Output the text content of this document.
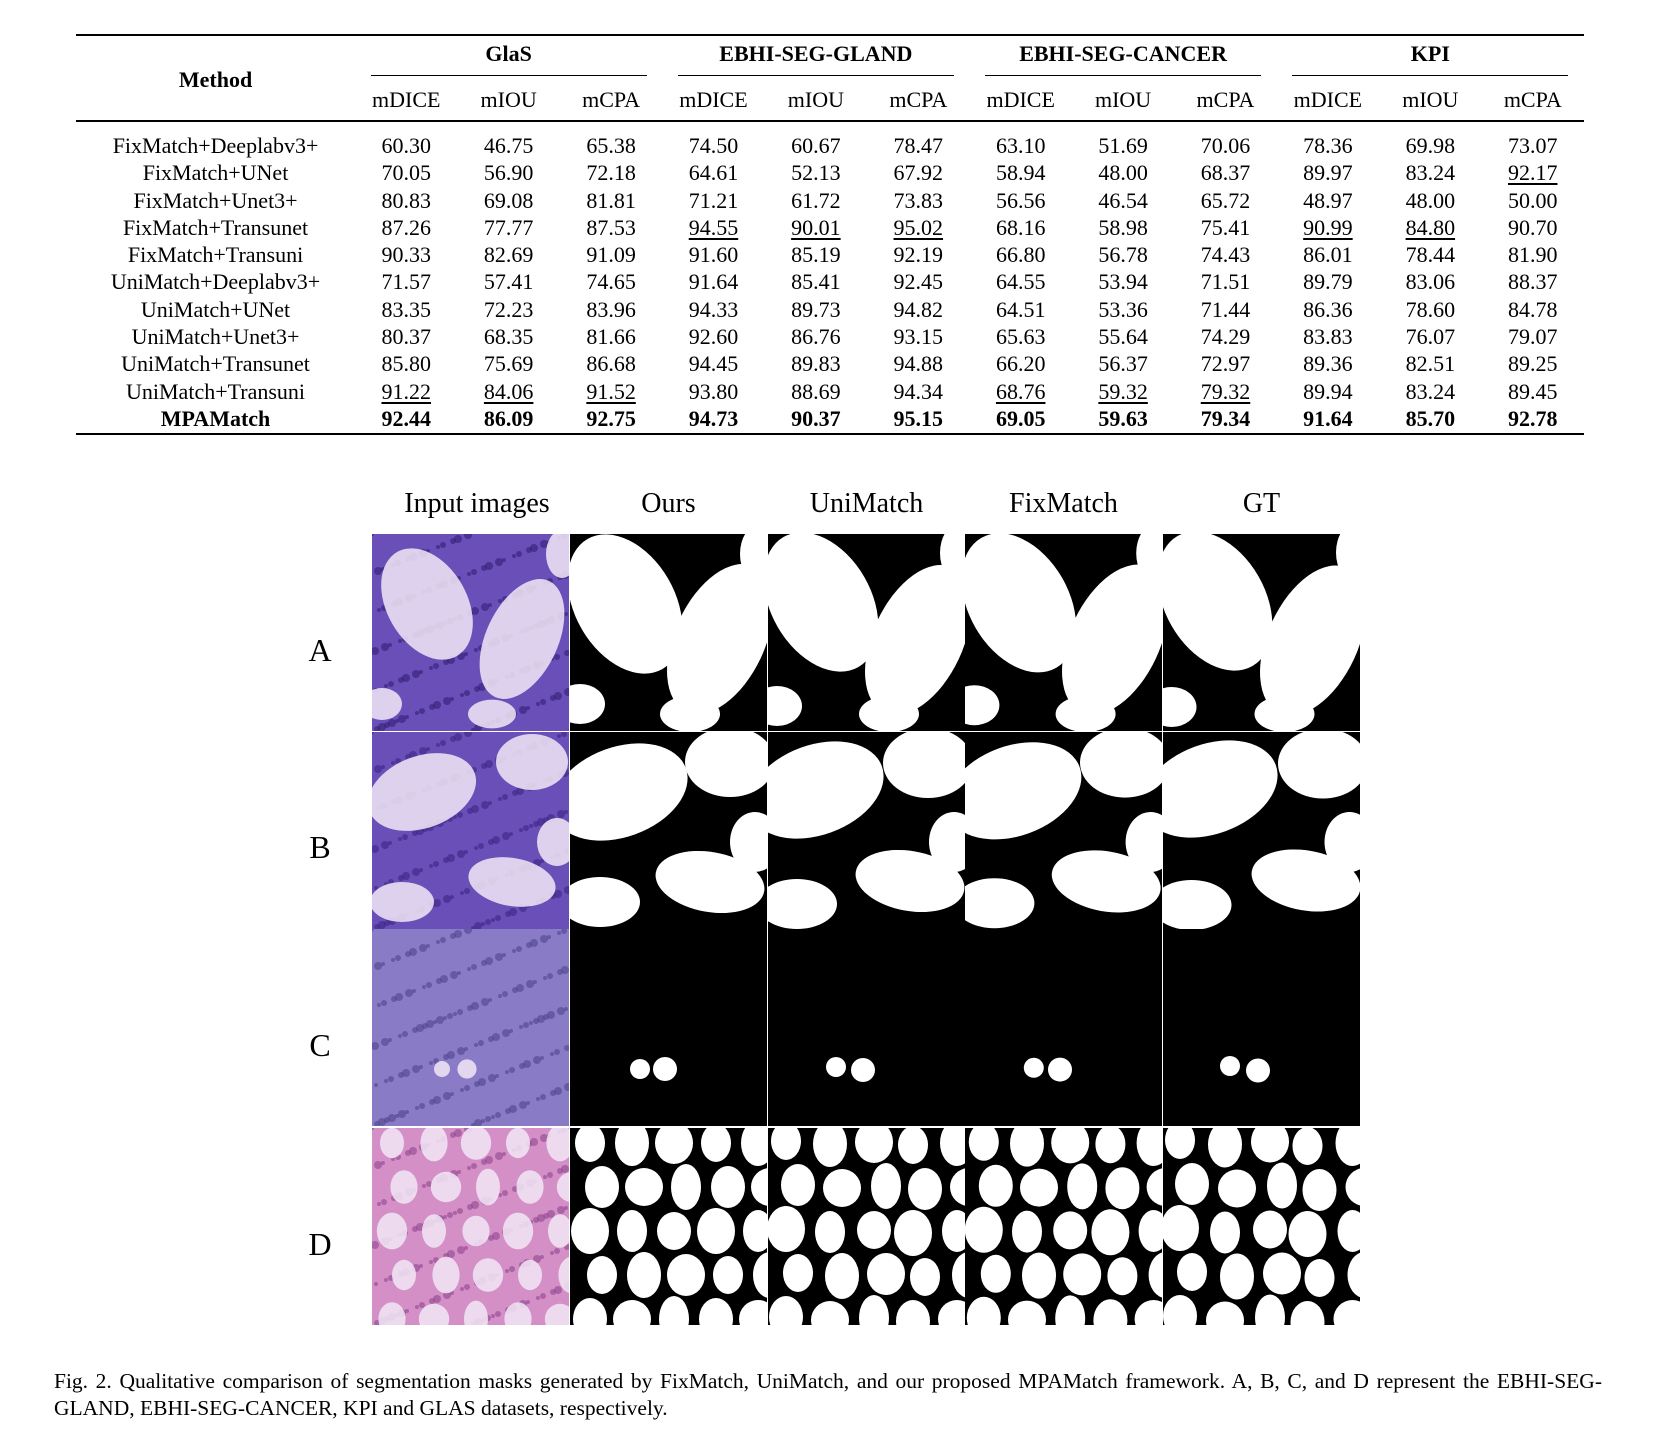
Method	GlaS			EBHI-SEG-GLAND			EBHI-SEG-CANCER			KPI		
	mDICE	mIOU	mCPA	mDICE	mIOU	mCPA	mDICE	mIOU	mCPA	mDICE	mIOU	mCPA
FixMatch+Deeplabv3+	60.30	46.75	65.38	74.50	60.67	78.47	63.10	51.69	70.06	78.36	69.98	73.07
FixMatch+UNet	70.05	56.90	72.18	64.61	52.13	67.92	58.94	48.00	68.37	89.97	83.24	92.17
FixMatch+Unet3+	80.83	69.08	81.81	71.21	61.72	73.83	56.56	46.54	65.72	48.97	48.00	50.00
FixMatch+Transunet	87.26	77.77	87.53	94.55	90.01	95.02	68.16	58.98	75.41	90.99	84.80	90.70
FixMatch+Transuni	90.33	82.69	91.09	91.60	85.19	92.19	66.80	56.78	74.43	86.01	78.44	81.90
UniMatch+Deeplabv3+	71.57	57.41	74.65	91.64	85.41	92.45	64.55	53.94	71.51	89.79	83.06	88.37
UniMatch+UNet	83.35	72.23	83.96	94.33	89.73	94.82	64.51	53.36	71.44	86.36	78.60	84.78
UniMatch+Unet3+	80.37	68.35	81.66	92.60	86.76	93.15	65.63	55.64	74.29	83.83	76.07	79.07
UniMatch+Transunet	85.80	75.69	86.68	94.45	89.83	94.88	66.20	56.37	72.97	89.36	82.51	89.25
UniMatch+Transuni	91.22	84.06	91.52	93.80	88.69	94.34	68.76	59.32	79.32	89.94	83.24	89.45
MPAMatch	92.44	86.09	92.75	94.73	90.37	95.15	69.05	59.63	79.34	91.64	85.70	92.78
Input images	Ours	UniMatch	FixMatch	GT
A
B
C
D
Fig. 2. Qualitative comparison of segmentation masks generated by FixMatch, UniMatch, and our proposed MPAMatch framework. A, B, C, and D represent the EBHI-SEG-GLAND, EBHI-SEG-CANCER, KPI and GLAS datasets, respectively.
